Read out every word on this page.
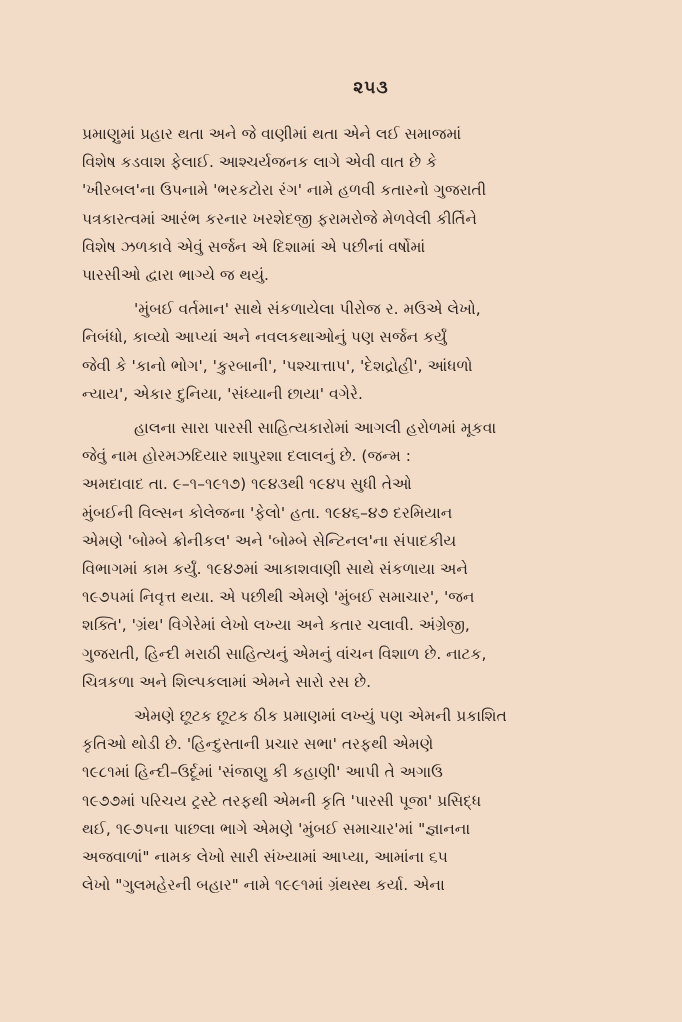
૨૫૩
પ્રમાણુમાં પ્રહાર થતા અને જે વાણીમાં થતા એને લઈ સમાજમાં
વિશેષ કડવાશ ફેલાઈ. આશ્ચર્યજનક લાગે એવી વાત છે કે
'ખીરબલ'ના ઉપનામે 'ભરકટોરા રંગ' નામે હળવી કતારનો ગુજરાતી
પત્રકારત્વમાં આરંભ કરનાર ખરશેદજી ફરામરોજે મેળવેલી કીર્તિને
વિશેષ ઝળકાવે એવું સર્જન એ દિશામાં એ પછીનાં વર્ષોમાં
પારસીઓ દ્વારા ભાગ્યે જ થયું.
'મુંબઈ વર્તમાન' સાથે સંકળાયેલા પીરોજ ર. મઉએ લેખો,
નિબંધો, કાવ્યો આપ્યાં અને નવલકથાઓનું પણ સર્જન કર્યું
જેવી કે 'કાનો ભોગ', 'કુરબાની', 'પશ્ચાત્તાપ', 'દેશદ્રોહી', આંધળો
ન્યાય', એકાર દુનિયા, 'સંધ્યાની છાયા' વગેરે.
હાલના સારા પારસી સાહિત્યકારોમાં આગલી હરોળમાં મૂકવા
જેવું નામ હોરમઝદિયાર શાપુરશા દલાલનું છે. (જન્મ :
અમદાવાદ તા. ૯–૧–૧૯૧૭) ૧૯૪૩થી ૧૯૪૫ સુધી તેઓ
મુંબઈની વિલ્સન કોલેજના 'ફેલો' હતા. ૧૯૪૬–૪૭ દરમિયાન
એમણે 'બોમ્બે ક્રોનીકલ' અને 'બોમ્બે સેન્ટિનલ'ના સંપાદકીય
વિભાગમાં કામ કર્યું. ૧૯૪૭માં આકાશવાણી સાથે સંકળાયા અને
૧૯૭૫માં નિવૃત્ત થયા. એ પછીથી એમણે 'મુંબઈ સમાચાર', 'જન
શક્તિ', 'ગ્રંથ' વિગેરેમાં લેખો લખ્યા અને કતાર ચલાવી. અંગ્રેજી,
ગુજરાતી, હિન્દી મરાઠી સાહિત્યનું એમનું વાંચન વિશાળ છે. નાટક,
ચિત્રકળા અને શિલ્પકલામાં એમને સારો રસ છે.
એમણે છૂટક છૂટક ઠીક પ્રમાણમાં લખ્યું પણ એમની પ્રકાશિત
કૃતિઓ થોડી છે. 'હિન્દુસ્તાની પ્રચાર સભા' તરફથી એમણે
૧૯૮૧માં હિન્દી–ઉર્દૂમાં 'સંજાણુ કી કહાણી' આપી તે અગાઉ
૧૯૭૭માં પરિચય ટ્રસ્ટે તરફથી એમની કૃતિ 'પારસી પૂજા' પ્રસિદ્ધ
થઈ, ૧૯૭૫ના પાછલા ભાગે એમણે 'મુંબઈ સમાચાર'માં "જ્ઞાનના
અજવાળાં" નામક લેખો સારી સંખ્યામાં આપ્યા, આમાંના ૬૫
લેખો "ગુલમહેરની બહાર" નામે ૧૯૯૧માં ગ્રંથસ્થ કર્યા. એના
